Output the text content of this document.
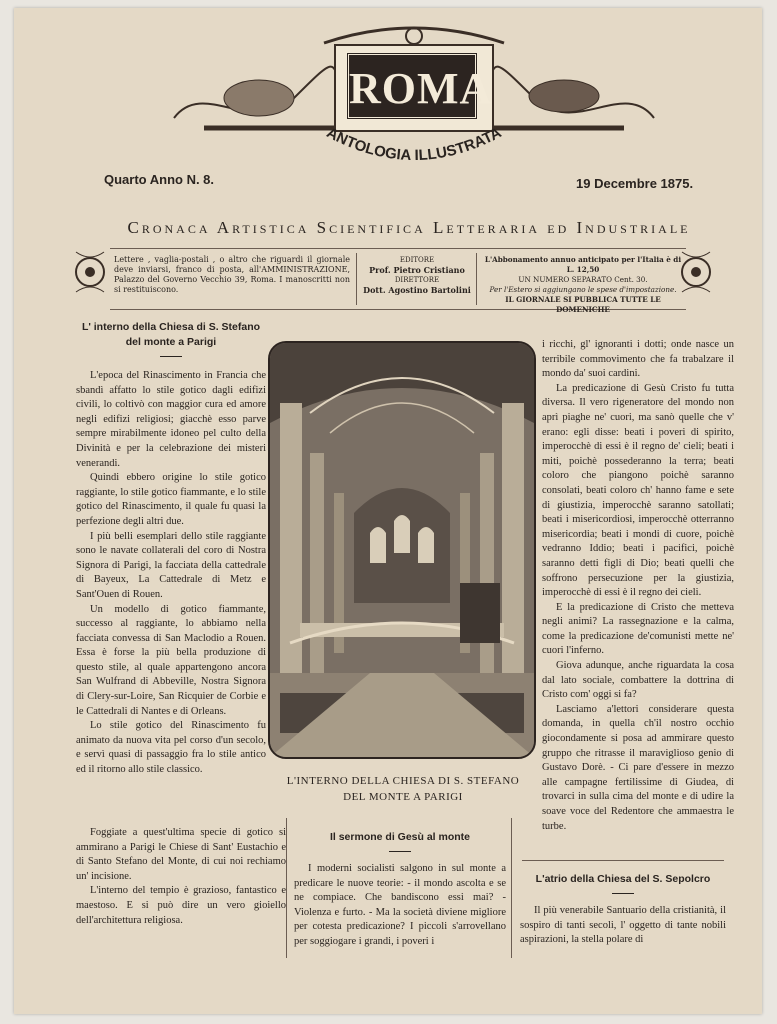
ROMA
ANTOLOGIA ILLUSTRATA
Quarto Anno N. 8.	19 Decembre 1875.
Cronaca Artistica Scientifica Letteraria ed Industriale
Lettere , vaglia-postali , o altro che riguardi il giornale deve inviarsi, franco di posta, all'AMMINISTRAZIONE, Palazzo del Governo Vecchio 39, Roma. I manoscritti non si restituiscono.
EDITORE
Prof. Pietro Cristiano
DIRETTORE
Dott. Agostino Bartolini
L'Abbonamento annuo anticipato per l'Italia è di L. 12,50
UN NUMERO SEPARATO Cent. 30.
Per l'Estero si aggiungano le spese d'impostazione.
IL GIORNALE SI PUBBLICA TUTTE LE DOMENICHE
L' interno della Chiesa di S. Stefano
del monte a Parigi

L'epoca del Rinascimento in Francia che sbandì affatto lo stile gotico dagli edifizi civili, lo coltivò con maggior cura ed amore negli edifizi religiosi; giacchè esso parve sempre mirabilmente idoneo pel culto della Divinità e per la celebrazione dei misteri venerandi.

Quindi ebbero origine lo stile gotico raggiante, lo stile gotico fiammante, e lo stile gotico del Rinascimento, il quale fu quasi la perfezione degli altri due.

I più belli esemplari dello stile raggiante sono le navate collaterali del coro di Nostra Signora di Parigi, la facciata della cattedrale di Bayeux, La Cattedrale di Metz e Sant'Ouen di Rouen.

Un modello di gotico fiammante, successo al raggiante, lo abbiamo nella facciata convessa di San Maclodio a Rouen. Essa è forse la più bella produzione di questo stile, al quale appartengono ancora San Wulfrand di Abbeville, Nostra Signora di Clery-sur-Loire, San Ricquier de Corbie e le Cattedrali di Nantes e di Orleans.

Lo stile gotico del Rinascimento fu animato da nuova vita pel corso d'un secolo, e servì quasi di passaggio fra lo stile antico ed il ritorno allo stile classico.

Foggiate a quest'ultima specie di gotico si ammirano a Parigi le Chiese di Sant' Eustachio e di Santo Stefano del Monte, di cui noi rechiamo un' incisione.

L'interno del tempio è grazioso, fantastico e maestoso. E si può dire un vero gioiello dell'architettura religiosa.

L'INTERNO DELLA CHIESA DI S. STEFANO
DEL MONTE A PARIGI
Il sermone di Gesù al monte

I moderni socialisti salgono in sul monte a predicare le nuove teorie: - il mondo ascolta e se ne compiace. Che bandiscono essi mai? - Violenza e furto. - Ma la società diviene migliore per cotesta predicazione? I piccoli s'arrovellano per soggiogare i grandi, i poveri i

i ricchi, gl' ignoranti i dotti; onde nasce un terribile commovimento che fa trabalzare il mondo da' suoi cardini.

La predicazione di Gesù Cristo fu tutta diversa. Il vero rigeneratore del mondo non aprì piaghe ne' cuori, ma sanò quelle che v' erano: egli disse: beati i poveri di spirito, imperocchè di essi è il regno de' cieli; beati i miti, poichè possederanno la terra; beati coloro che piangono poichè saranno consolati, beati coloro ch' hanno fame e sete di giustizia, imperocchè saranno satollati; beati i misericordiosi, imperocchè otterranno misericordia; beati i mondi di cuore, poichè vedranno Iddio; beati i pacifici, poichè saranno detti figli di Dio; beati quelli che soffrono persecuzione per la giustizia, imperocchè di essi è il regno dei cieli.

E la predicazione di Cristo che metteva negli animi? La rassegnazione e la calma, come la predicazione de'comunisti mette ne' cuori l'inferno.

Giova adunque, anche riguardata la cosa dal lato sociale, combattere la dottrina di Cristo com' oggi si fa?

Lasciamo a'lettori considerare questa domanda, in quella ch'il nostro occhio giocondamente si posa ad ammirare questo gruppo che ritrasse il maraviglioso genio di Gustavo Dorè. - Ci pare d'essere in mezzo alle campagne fertilissime di Giudea, di trovarci in sulla cima del monte e di udire la soave voce del Redentore che ammaestra le turbe.

L'atrio della Chiesa del S. Sepolcro

Il più venerabile Santuario della cristianità, il sospiro di tanti secoli, l' oggetto di tante nobili aspirazioni, la stella polare di
